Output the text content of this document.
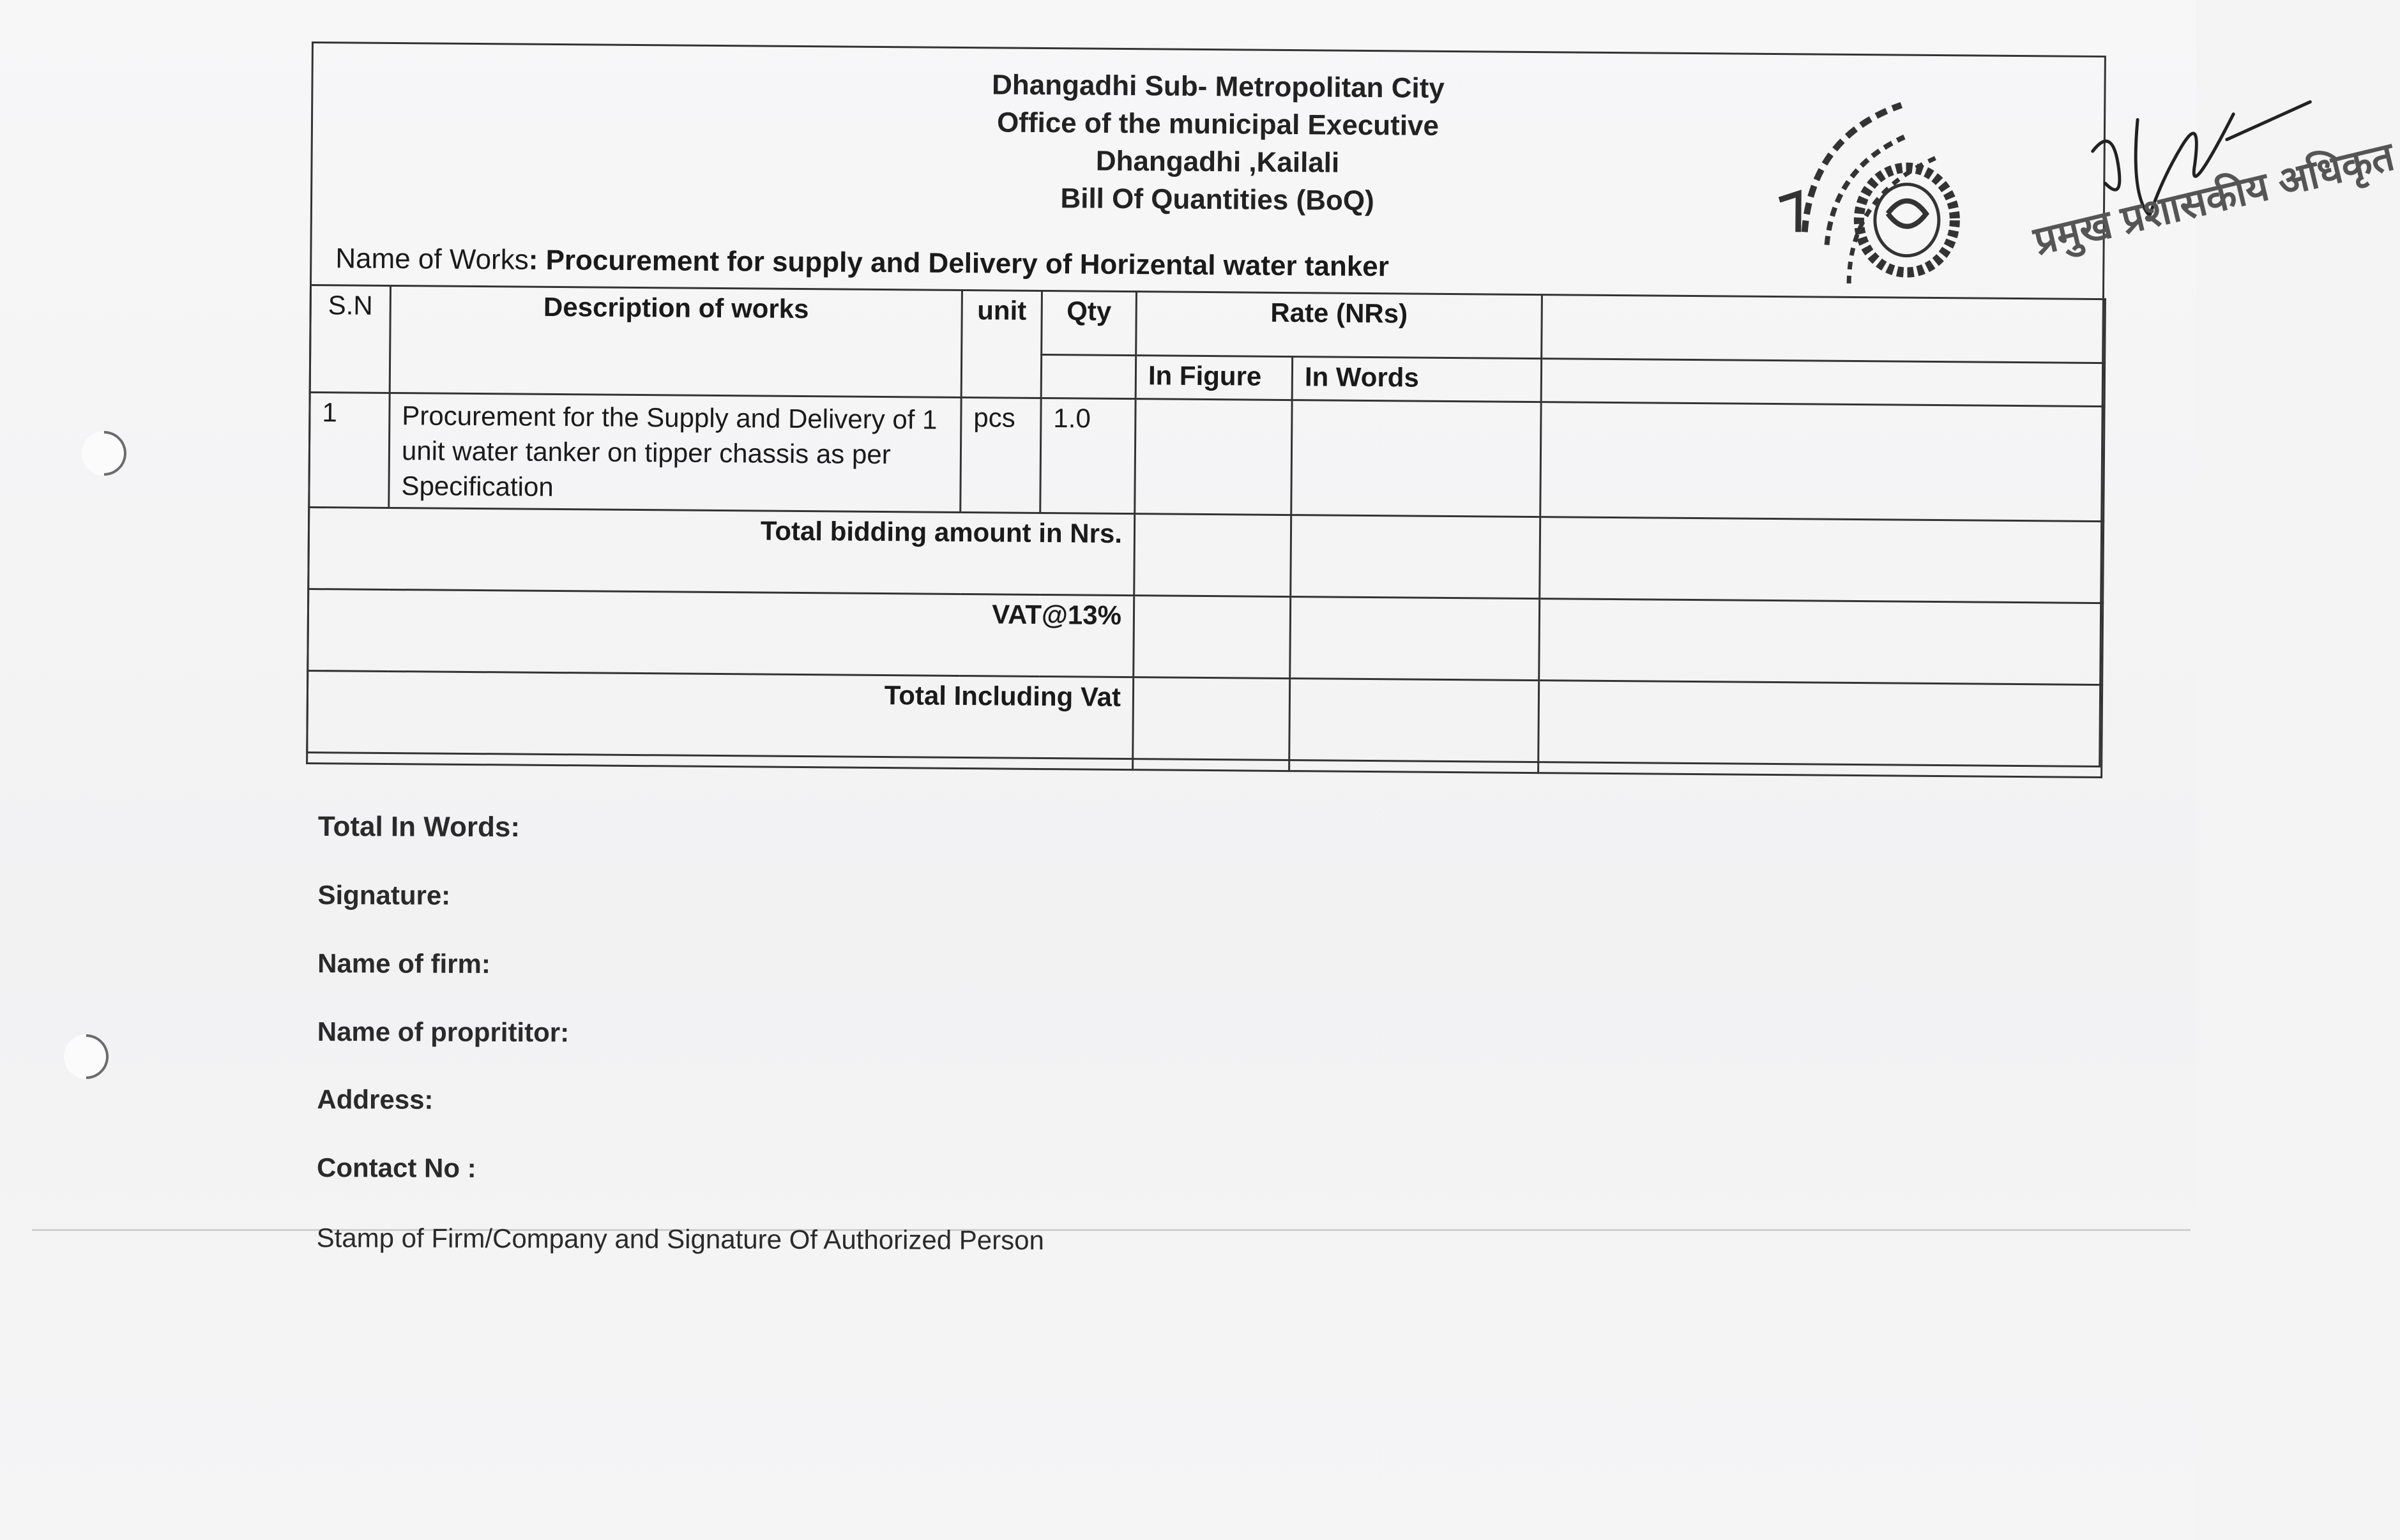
Dhangadhi Sub- Metropolitan City
Office of the municipal Executive
Dhangadhi ,Kailali
Bill Of Quantities (BoQ)
Name of Works: Procurement for supply and Delivery of Horizental water tanker
S.N	Description of works	unit	Qty	Rate (NRs)		
				In Figure	In Words	
1	Procurement for the Supply and Delivery of 1 unit water tanker on tipper chassis as per Specification	pcs	1.0			
Total bidding amount in Nrs.						
VAT@13%						
Total Including Vat						
प्रमुख प्रशासकीय अधिकृत
Total In Words:
Signature:
Name of firm:
Name of proprititor:
Address:
Contact No :
Stamp of Firm/Company and Signature Of Authorized Person
